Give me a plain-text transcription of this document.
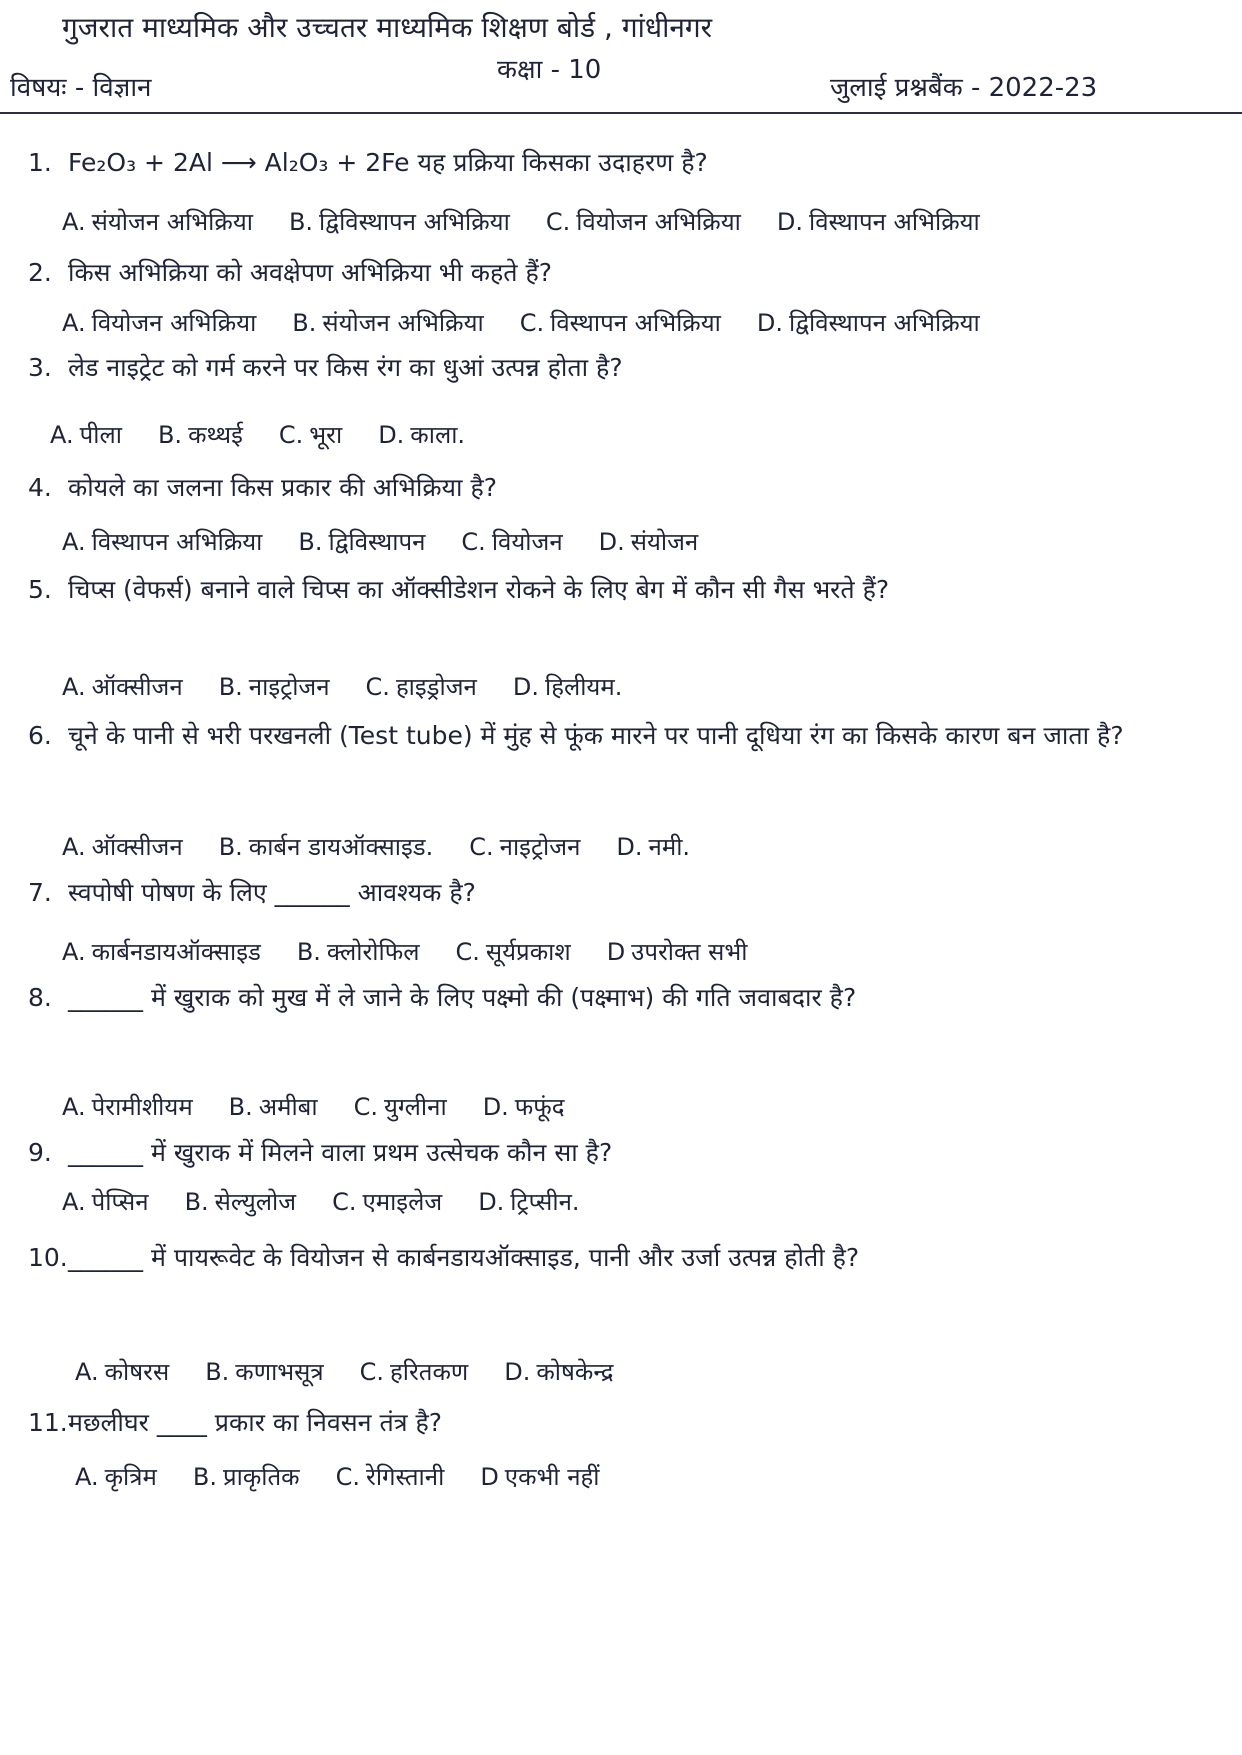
गुजरात माध्यमिक और उच्चतर माध्यमिक शिक्षण बोर्ड , गांधीनगर
विषयः - विज्ञान
कक्षा - 10
जुलाई प्रश्नबैंक - 2022-23
1. Fe₂O₃ + 2Al ⟶ Al₂O₃ + 2Fe यह प्रक्रिया किसका उदाहरण है?
A. संयोजन अभिक्रिया B. द्विविस्थापन अभिक्रिया C. वियोजन अभिक्रिया D. विस्थापन अभिक्रिया
2. किस अभिक्रिया को अवक्षेपण अभिक्रिया भी कहते हैं?
A. वियोजन अभिक्रिया B. संयोजन अभिक्रिया C. विस्थापन अभिक्रिया D. द्विविस्थापन अभिक्रिया
3. लेड नाइट्रेट को गर्म करने पर किस रंग का धुआं उत्पन्न होता है?
A. पीला B. कथ्थई C. भूरा D. काला.
4. कोयले का जलना किस प्रकार की अभिक्रिया है?
A. विस्थापन अभिक्रिया B. द्विविस्थापन C. वियोजन D. संयोजन
5. चिप्स (वेफर्स) बनाने वाले चिप्स का ऑक्सीडेशन रोकने के लिए बेग में कौन सी गैस भरते हैं?
A. ऑक्सीजन B. नाइट्रोजन C. हाइड्रोजन D. हिलीयम.
6. चूने के पानी से भरी परखनली (Test tube) में मुंह से फूंक मारने पर पानी दूधिया रंग का किसके कारण बन जाता है?
A. ऑक्सीजन B. कार्बन डायऑक्साइड. C. नाइट्रोजन D. नमी.
7. स्वपोषी पोषण के लिए ______ आवश्यक है?
A. कार्बनडायऑक्साइड B. क्लोरोफिल C. सूर्यप्रकाश D उपरोक्त सभी
8. ______ में खुराक को मुख में ले जाने के लिए पक्ष्मो की (पक्ष्माभ) की गति जवाबदार है?
A. पेरामीशीयम B. अमीबा C. युग्लीना D. फफूंद
9. ______ में खुराक में मिलने वाला प्रथम उत्सेचक कौन सा है?
A. पेप्सिन B. सेल्युलोज C. एमाइलेज D. ट्रिप्सीन.
10.______ में पायरूवेट के वियोजन से कार्बनडायऑक्साइड, पानी और उर्जा उत्पन्न होती है?
A. कोषरस B. कणाभसूत्र C. हरितकण D. कोषकेन्द्र
11.मछलीघर ____ प्रकार का निवसन तंत्र है?
A. कृत्रिम B. प्राकृतिक C. रेगिस्तानी D एकभी नहीं
